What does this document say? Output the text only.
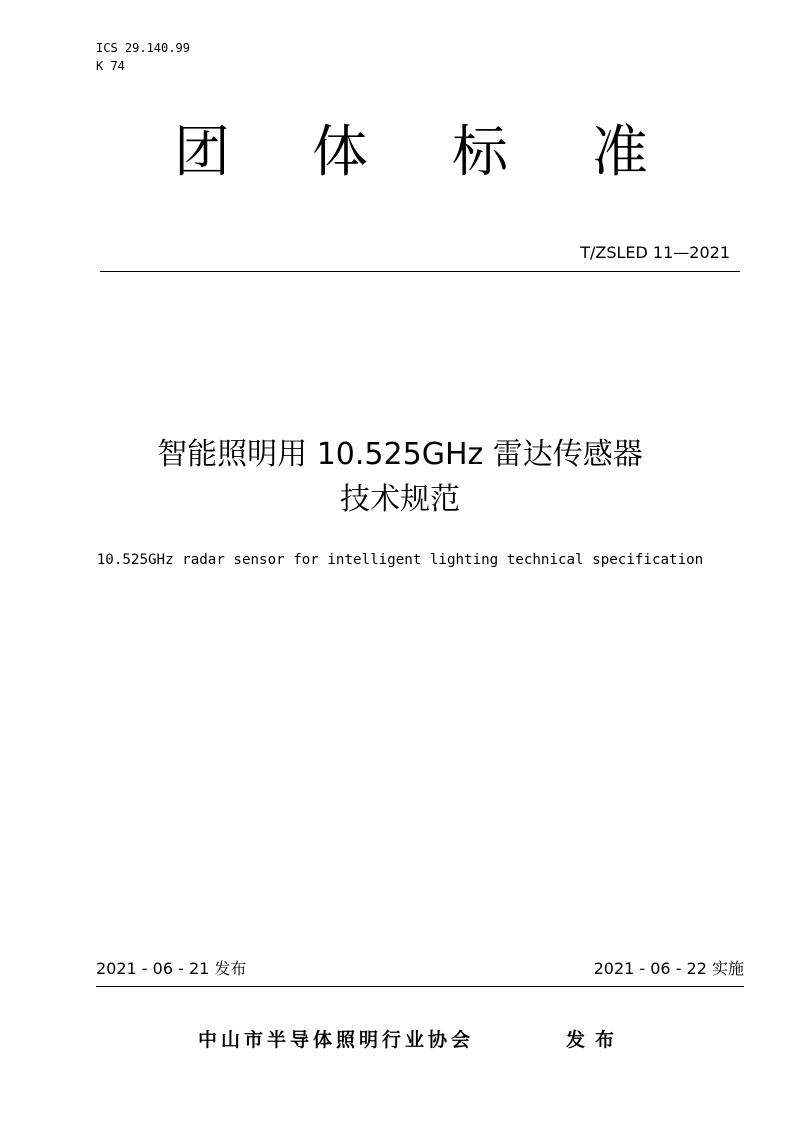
ICS 29.140.99
K 74
团 体 标 准
T/ZSLED 11—2021
智能照明用 10.525GHz 雷达传感器
技术规范
10.525GHz radar sensor for intelligent lighting technical specification
2021 - 06 - 21 发布	2021 - 06 - 22 实施
中山市半导体照明行业协会	发布
